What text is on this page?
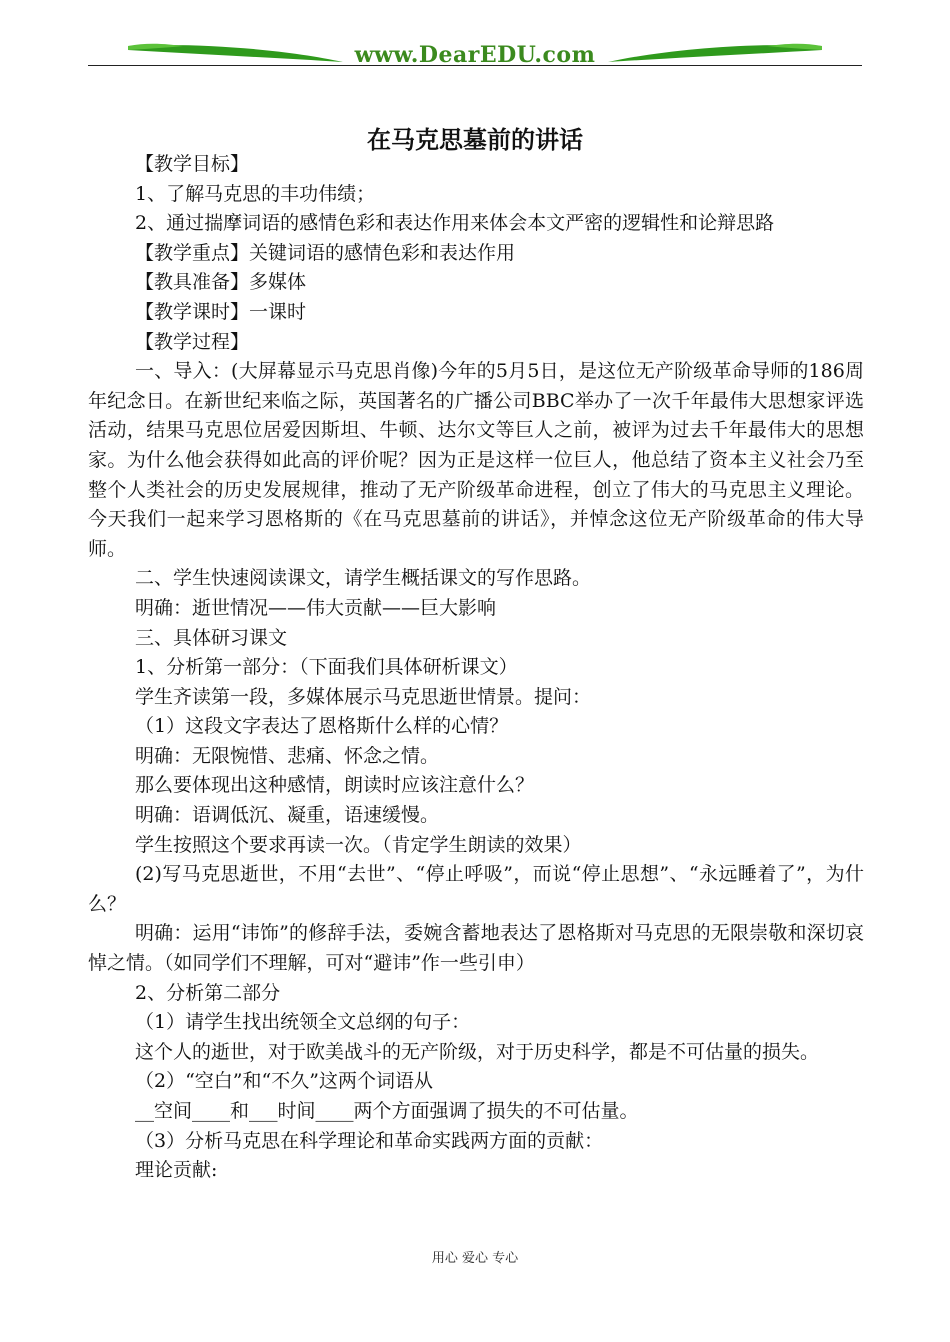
www.DearEDU.com
在马克思墓前的讲话

【教学目标】

1、了解马克思的丰功伟绩；

2、通过揣摩词语的感情色彩和表达作用来体会本文严密的逻辑性和论辩思路

【教学重点】关键词语的感情色彩和表达作用

【教具准备】多媒体

【教学课时】一课时

【教学过程】

一、导入：(大屏幕显示马克思肖像)今年的5月5日，是这位无产阶级革命导师的186周年纪念日。在新世纪来临之际，英国著名的广播公司BBC举办了一次千年最伟大思想家评选活动，结果马克思位居爱因斯坦、牛顿、达尔文等巨人之前，被评为过去千年最伟大的思想家。为什么他会获得如此高的评价呢？因为正是这样一位巨人，他总结了资本主义社会乃至整个人类社会的历史发展规律，推动了无产阶级革命进程，创立了伟大的马克思主义理论。今天我们一起来学习恩格斯的《在马克思墓前的讲话》，并悼念这位无产阶级革命的伟大导师。

二、学生快速阅读课文，请学生概括课文的写作思路。

明确：逝世情况——伟大贡献——巨大影响

三、具体研习课文

1、分析第一部分：（下面我们具体研析课文）

学生齐读第一段，多媒体展示马克思逝世情景。提问：

（1）这段文字表达了恩格斯什么样的心情？

明确：无限惋惜、悲痛、怀念之情。

那么要体现出这种感情，朗读时应该注意什么？

明确：语调低沉、凝重，语速缓慢。

学生按照这个要求再读一次。（肯定学生朗读的效果）

(2)写马克思逝世，不用“去世”、“停止呼吸”，而说“停止思想”、“永远睡着了”，为什么？

明确：运用“讳饰”的修辞手法，委婉含蓄地表达了恩格斯对马克思的无限崇敬和深切哀悼之情。（如同学们不理解，可对“避讳”作一些引申）

2、分析第二部分

（1）请学生找出统领全文总纲的句子：

这个人的逝世，对于欧美战斗的无产阶级，对于历史科学，都是不可估量的损失。

（2）“空白”和“不久”这两个词语从

__空间____和___时间____两个方面强调了损失的不可估量。

（3）分析马克思在科学理论和革命实践两方面的贡献：

理论贡献:

用心 爱心 专心
